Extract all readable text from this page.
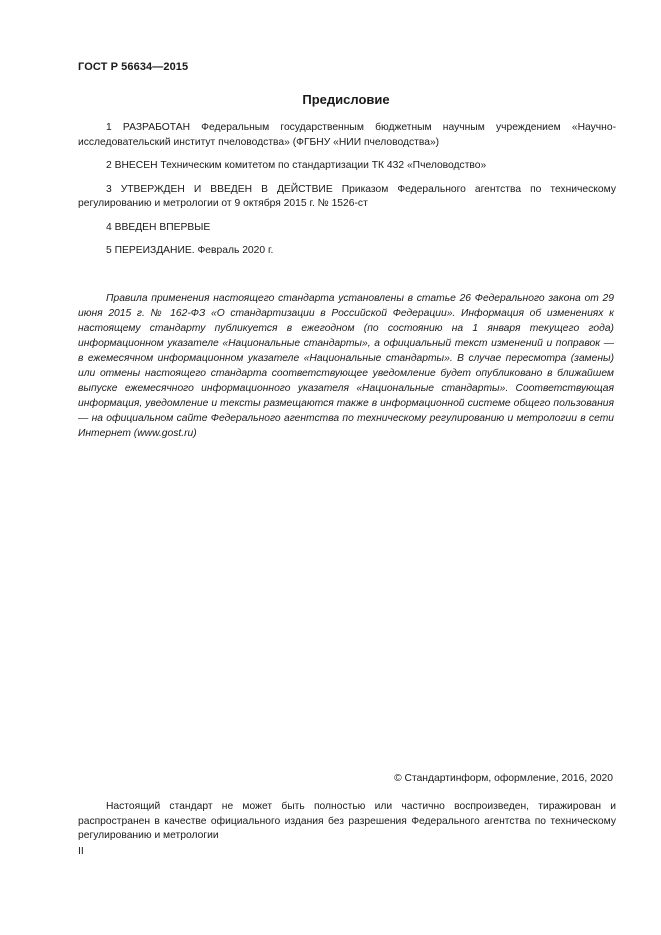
ГОСТ Р 56634—2015
Предисловие

1 РАЗРАБОТАН Федеральным государственным бюджетным научным учреждением «Научно-исследовательский институт пчеловодства» (ФГБНУ «НИИ пчеловодства»)

2 ВНЕСЕН Техническим комитетом по стандартизации ТК 432 «Пчеловодство»

3 УТВЕРЖДЕН И ВВЕДЕН В ДЕЙСТВИЕ Приказом Федерального агентства по техническому регулированию и метрологии от 9 октября 2015 г. № 1526-ст

4 ВВЕДЕН ВПЕРВЫЕ

5 ПЕРЕИЗДАНИЕ. Февраль 2020 г.

Правила применения настоящего стандарта установлены в статье 26 Федерального закона от 29 июня 2015 г. № 162-ФЗ «О стандартизации в Российской Федерации». Информация об изменениях к настоящему стандарту публикуется в ежегодном (по состоянию на 1 января текущего года) информационном указателе «Национальные стандарты», а официальный текст изменений и поправок — в ежемесячном информационном указателе «Национальные стандарты». В случае пересмотра (замены) или отмены настоящего стандарта соответствующее уведомление будет опубликовано в ближайшем выпуске ежемесячного информационного указателя «Национальные стандарты». Соответствующая информация, уведомление и тексты размещаются также в информационной системе общего пользования — на официальном сайте Федерального агентства по техническому регулированию и метрологии в сети Интернет (www.gost.ru)

© Стандартинформ, оформление, 2016, 2020

Настоящий стандарт не может быть полностью или частично воспроизведен, тиражирован и распространен в качестве официального издания без разрешения Федерального агентства по техническому регулированию и метрологии

II
